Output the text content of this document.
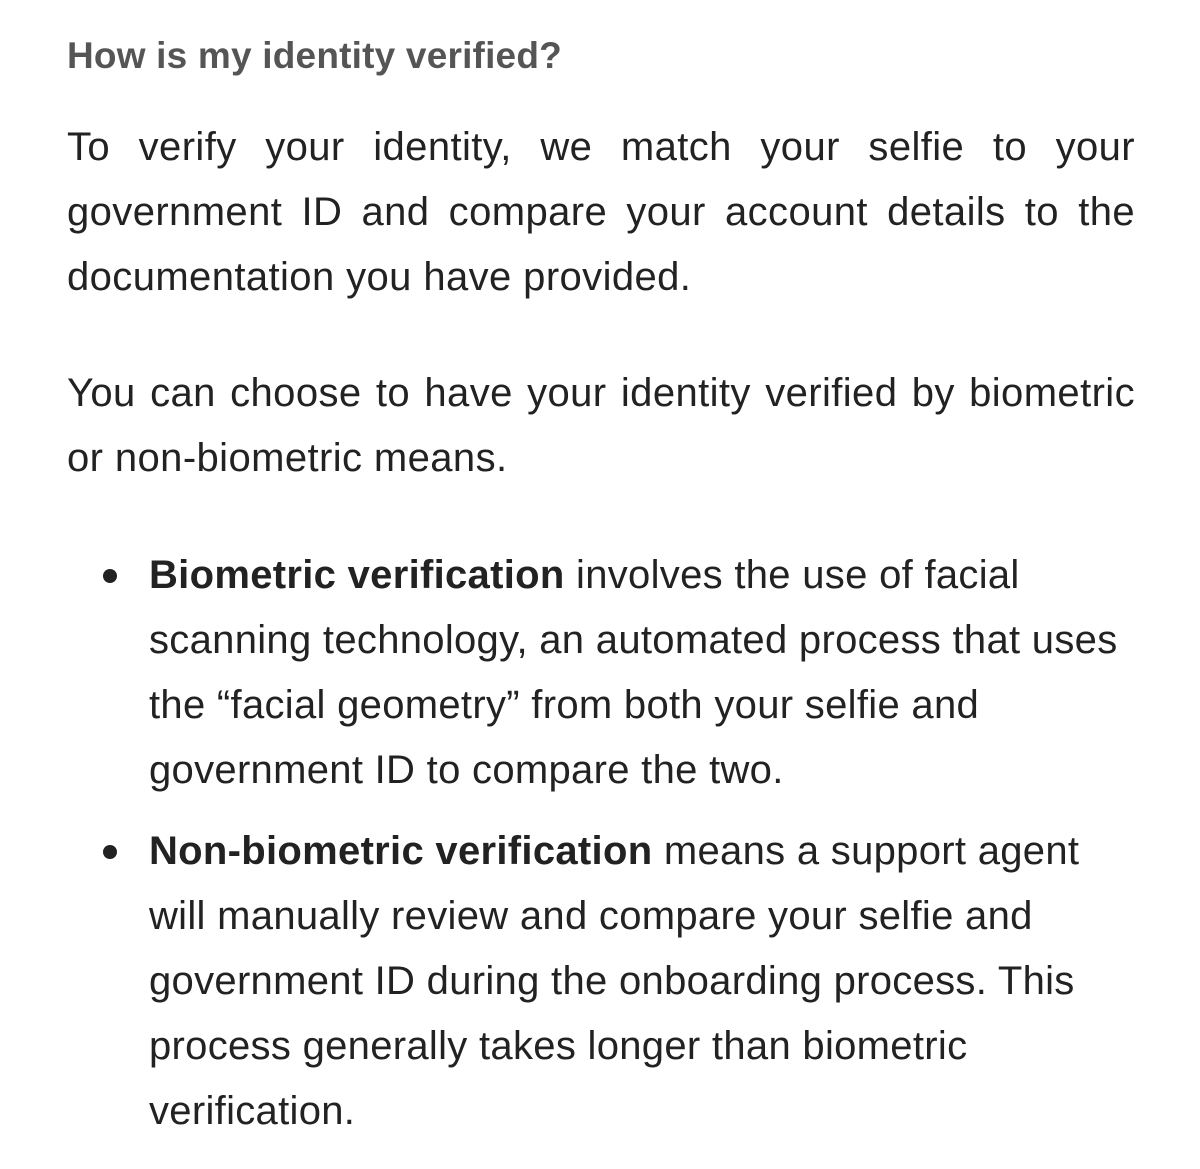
How is my identity verified?

To verify your identity, we match your selfie to your government ID and compare your account details to the documentation you have provided.

You can choose to have your identity verified by biometric or non-biometric means.

Biometric verification involves the use of facial scanning technology, an automated process that uses the “facial geometry” from both your selfie and government ID to compare the two.
Non-biometric verification means a support agent will manually review and compare your selfie and government ID during the onboarding process. This process generally takes longer than biometric verification.
